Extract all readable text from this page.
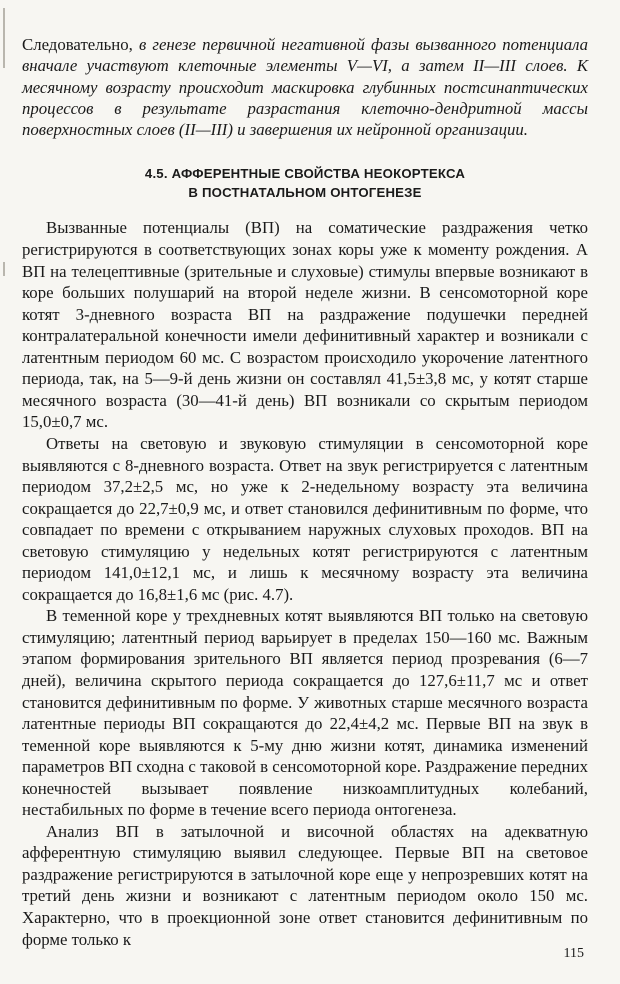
Следовательно, в генезе первичной негативной фазы вызванного потенциала вначале участвуют клеточные элементы V—VI, а затем II—III слоев. К месячному возрасту происходит маскировка глубинных постсинаптических процессов в результате разрастания клеточно-дендритной массы поверхностных слоев (II—III) и завершения их нейронной организации.

4.5. АФФЕРЕНТНЫЕ СВОЙСТВА НЕОКОРТЕКСА
В ПОСТНАТАЛЬНОМ ОНТОГЕНЕЗЕ

Вызванные потенциалы (ВП) на соматические раздражения четко регистрируются в соответствующих зонах коры уже к моменту рождения. А ВП на телецептивные (зрительные и слуховые) стимулы впервые возникают в коре больших полушарий на второй неделе жизни. В сенсомоторной коре котят 3-дневного возраста ВП на раздражение подушечки передней контралатеральной конечности имели дефинитивный характер и возникали с латентным периодом 60 мс. С возрастом происходило укорочение латентного периода, так, на 5—9-й день жизни он составлял 41,5±3,8 мс, у котят старше месячного возраста (30—41-й день) ВП возникали со скрытым периодом 15,0±0,7 мс.

Ответы на световую и звуковую стимуляции в сенсомоторной коре выявляются с 8-дневного возраста. Ответ на звук регистрируется с латентным периодом 37,2±2,5 мс, но уже к 2-недельному возрасту эта величина сокращается до 22,7±0,9 мс, и ответ становился дефинитивным по форме, что совпадает по времени с открыванием наружных слуховых проходов. ВП на световую стимуляцию у недельных котят регистрируются с латентным периодом 141,0±12,1 мс, и лишь к месячному возрасту эта величина сокращается до 16,8±1,6 мс (рис. 4.7).

В теменной коре у трехдневных котят выявляются ВП только на световую стимуляцию; латентный период варьирует в пределах 150—160 мс. Важным этапом формирования зрительного ВП является период прозревания (6—7 дней), величина скрытого периода сокращается до 127,6±11,7 мс и ответ становится дефинитивным по форме. У животных старше месячного возраста латентные периоды ВП сокращаются до 22,4±4,2 мс. Первые ВП на звук в теменной коре выявляются к 5-му дню жизни котят, динамика изменений параметров ВП сходна с таковой в сенсомоторной коре. Раздражение передних конечностей вызывает появление низкоамплитудных колебаний, нестабильных по форме в течение всего периода онтогенеза.

Анализ ВП в затылочной и височной областях на адекватную афферентную стимуляцию выявил следующее. Первые ВП на световое раздражение регистрируются в затылочной коре еще у непрозревших котят на третий день жизни и возникают с латентным периодом около 150 мс. Характерно, что в проекционной зоне ответ становится дефинитивным по форме только к

115
